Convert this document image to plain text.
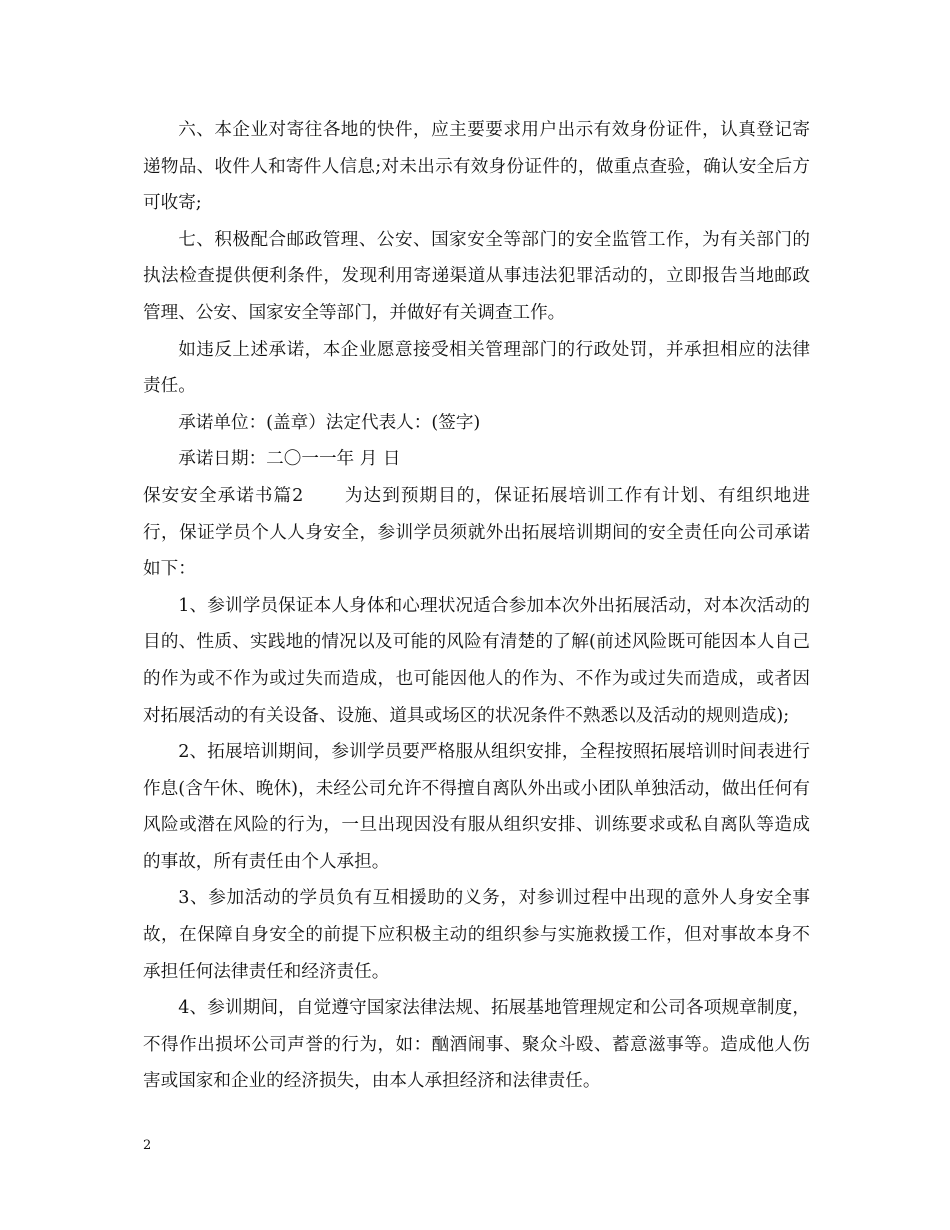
六、本企业对寄往各地的快件，应主要要求用户出示有效身份证件，认真登记寄递物品、收件人和寄件人信息;对未出示有效身份证件的，做重点查验，确认安全后方可收寄;

七、积极配合邮政管理、公安、国家安全等部门的安全监管工作，为有关部门的执法检查提供便利条件，发现利用寄递渠道从事违法犯罪活动的，立即报告当地邮政管理、公安、国家安全等部门，并做好有关调查工作。

如违反上述承诺，本企业愿意接受相关管理部门的行政处罚，并承担相应的法律责任。

承诺单位：(盖章）法定代表人：(签字)

承诺日期：二〇一一年 月 日

保安安全承诺书篇2 为达到预期目的，保证拓展培训工作有计划、有组织地进行，保证学员个人人身安全，参训学员须就外出拓展培训期间的安全责任向公司承诺如下：

1、参训学员保证本人身体和心理状况适合参加本次外出拓展活动，对本次活动的目的、性质、实践地的情况以及可能的风险有清楚的了解(前述风险既可能因本人自己的作为或不作为或过失而造成，也可能因他人的作为、不作为或过失而造成，或者因对拓展活动的有关设备、设施、道具或场区的状况条件不熟悉以及活动的规则造成);

2、拓展培训期间，参训学员要严格服从组织安排，全程按照拓展培训时间表进行作息(含午休、晚休)，未经公司允许不得擅自离队外出或小团队单独活动，做出任何有风险或潜在风险的行为，一旦出现因没有服从组织安排、训练要求或私自离队等造成的事故，所有责任由个人承担。

3、参加活动的学员负有互相援助的义务，对参训过程中出现的意外人身安全事故，在保障自身安全的前提下应积极主动的组织参与实施救援工作，但对事故本身不承担任何法律责任和经济责任。

4、参训期间，自觉遵守国家法律法规、拓展基地管理规定和公司各项规章制度，不得作出损坏公司声誉的行为，如：酗酒闹事、聚众斗殴、蓄意滋事等。造成他人伤害或国家和企业的经济损失，由本人承担经济和法律责任。

2
